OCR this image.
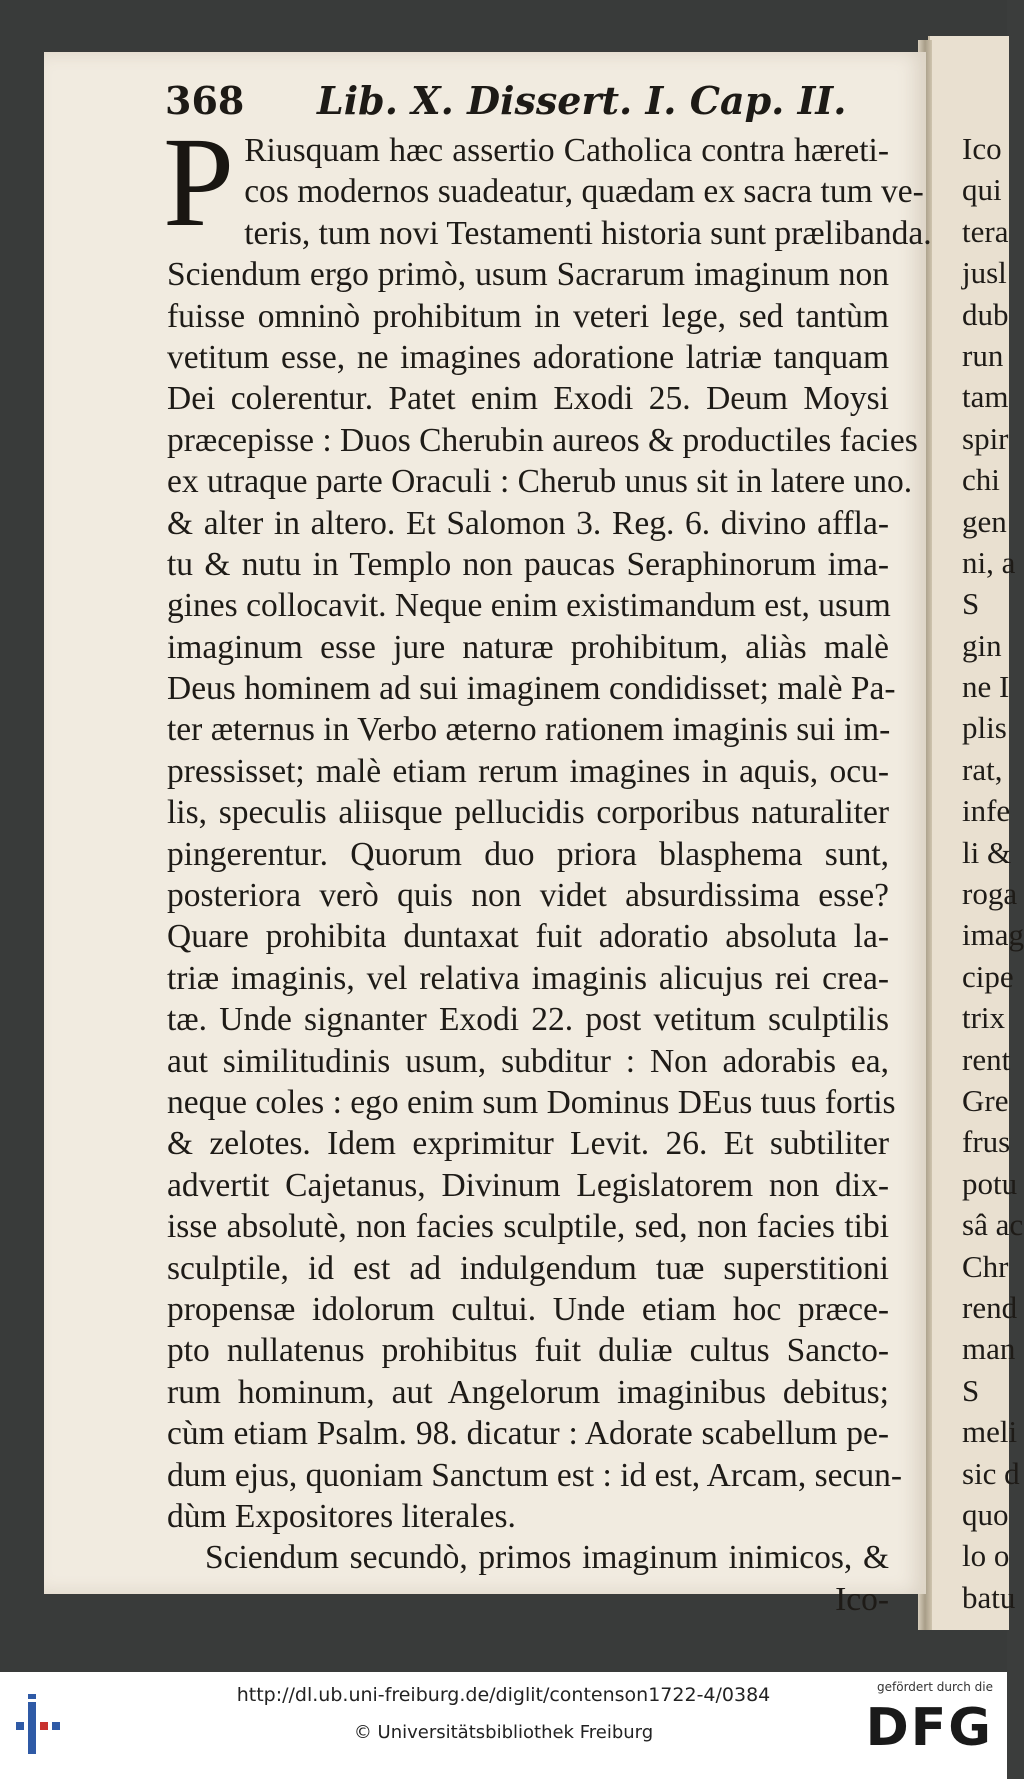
368 Lib. X. Dissert. I. Cap. II.
P Riusquam hæc assertio Catholica contra hæreti-
cos modernos suadeatur, quædam ex sacra tum ve-
teris, tum novi Testamenti historia sunt prælibanda.
Sciendum ergo primò, usum Sacrarum imaginum non
fuisse omninò prohibitum in veteri lege, sed tantùm
vetitum esse, ne imagines adoratione latriæ tanquam
Dei colerentur. Patet enim Exodi 25. Deum Moysi
præcepisse : Duos Cherubin aureos & productiles facies
ex utraque parte Oraculi : Cherub unus sit in latere uno.
& alter in altero. Et Salomon 3. Reg. 6. divino affla-
tu & nutu in Templo non paucas Seraphinorum ima-
gines collocavit. Neque enim existimandum est, usum
imaginum esse jure naturæ prohibitum, aliàs malè
Deus hominem ad sui imaginem condidisset; malè Pa-
ter æternus in Verbo æterno rationem imaginis sui im-
pressisset; malè etiam rerum imagines in aquis, ocu-
lis, speculis aliisque pellucidis corporibus naturaliter
pingerentur. Quorum duo priora blasphema sunt,
posteriora verò quis non videt absurdissima esse?
Quare prohibita duntaxat fuit adoratio absoluta la-
triæ imaginis, vel relativa imaginis alicujus rei crea-
tæ. Unde signanter Exodi 22. post vetitum sculptilis
aut similitudinis usum, subditur : Non adorabis ea,
neque coles : ego enim sum Dominus DEus tuus fortis
& zelotes. Idem exprimitur Levit. 26. Et subtiliter
advertit Cajetanus, Divinum Legislatorem non dix-
isse absolutè, non facies sculptile, sed, non facies tibi
sculptile, id est ad indulgendum tuæ superstitioni
propensæ idolorum cultui. Unde etiam hoc præce-
pto nullatenus prohibitus fuit duliæ cultus Sancto-
rum hominum, aut Angelorum imaginibus debitus;
cùm etiam Psalm. 98. dicatur : Adorate scabellum pe-
dum ejus, quoniam Sanctum est : id est, Arcam, secun-
dùm Expositores literales.
Sciendum secundò, primos imaginum inimicos, &
Ico-
Ico
qui
tera
jusl
dub
run
tam
spir
chi
gen
ni, a
S
gin
ne I
plis
rat,
infe
li &
roga
imag
cipe
trix
rent
Gre
frus
potu
sâ ac
Chr
rend
man
S
meli
sic d
quo
lo o
batu
http://dl.ub.uni-freiburg.de/diglit/contenson1722-4/0384
© Universitätsbibliothek Freiburg
gefördert durch die
DFG
